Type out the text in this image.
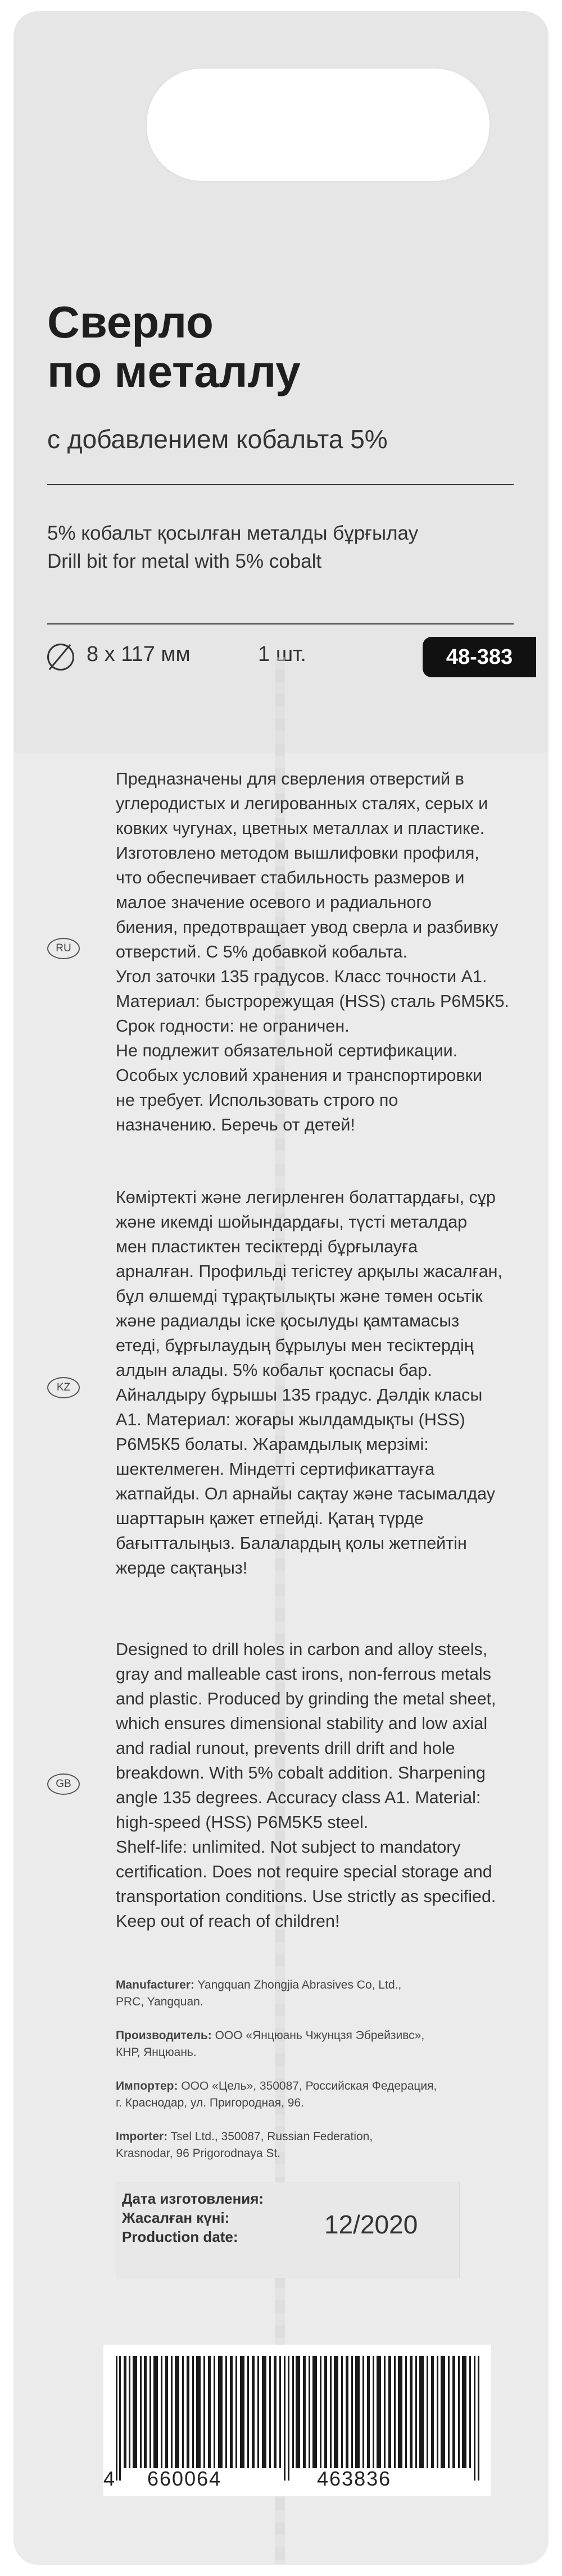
Сверло
по металлу
с добавлением кобальта 5%
5% кобальт қосылған металды бұрғылау
Drill bit for metal with 5% cobalt
8 x 117 мм	1 шт.	48-383
RU

Предназначены для сверления отверстий в
углеродистых и легированных сталях, серых и
ковких чугунах, цветных металлах и пластике.
Изготовлено методом вышлифовки профиля,
что обеспечивает стабильность размеров и
малое значение осевого и радиального
биения, предотвращает увод сверла и разбивку
отверстий. С 5% добавкой кобальта.
Угол заточки 135 градусов. Класс точности А1.
Материал: быстрорежущая (HSS) сталь Р6М5К5.
Срок годности: не ограничен.
Не подлежит обязательной сертификации.
Особых условий хранения и транспортировки
не требует. Использовать строго по
назначению. Беречь от детей!

KZ

Көміртекті және легирленген болаттардағы, сұр
және икемді шойындардағы, түсті металдар
мен пластиктен тесіктерді бұрғылауға
арналған. Профильді тегістеу арқылы жасалған,
бұл өлшемді тұрақтылықты және төмен осьтік
және радиалды іске қосылуды қамтамасыз
етеді, бұрғылаудың бұрылуы мен тесіктердің
алдын алады. 5% кобальт қоспасы бар.
Айналдыру бұрышы 135 градус. Дәлдік класы
А1. Материал: жоғары жылдамдықты (HSS)
Р6М5К5 болаты. Жарамдылық мерзімі:
шектелмеген. Міндетті сертификаттауға
жатпайды. Ол арнайы сақтау және тасымалдау
шарттарын қажет етпейді. Қатаң түрде
бағытталыңыз. Балалардың қолы жетпейтін
жерде сақтаңыз!

GB

Designed to drill holes in carbon and alloy steels,
gray and malleable cast irons, non-ferrous metals
and plastic. Produced by grinding the metal sheet,
which ensures dimensional stability and low axial
and radial runout, prevents drill drift and hole
breakdown. With 5% cobalt addition. Sharpening
angle 135 degrees. Accuracy class A1. Material:
high-speed (HSS) P6M5K5 steel.
Shelf-life: unlimited. Not subject to mandatory
certification. Does not require special storage and
transportation conditions. Use strictly as specified.
Keep out of reach of children!

Manufacturer: Yangquan Zhongjia Abrasives Co, Ltd.,
PRC, Yangquan.
Производитель: ООО «Янцюань Чжунцзя Эбрейзивс»,
КНР, Янцюань.
Импортер: ООО «Цель», 350087, Российская Федерация,
г. Краснодар, ул. Пригородная, 96.
Importer: Tsel Ltd., 350087, Russian Federation,
Krasnodar, 96 Prigorodnaya St.

Дата изготовления:
Жасалған күні:
Production date:	12/2020
4 660064	463836
